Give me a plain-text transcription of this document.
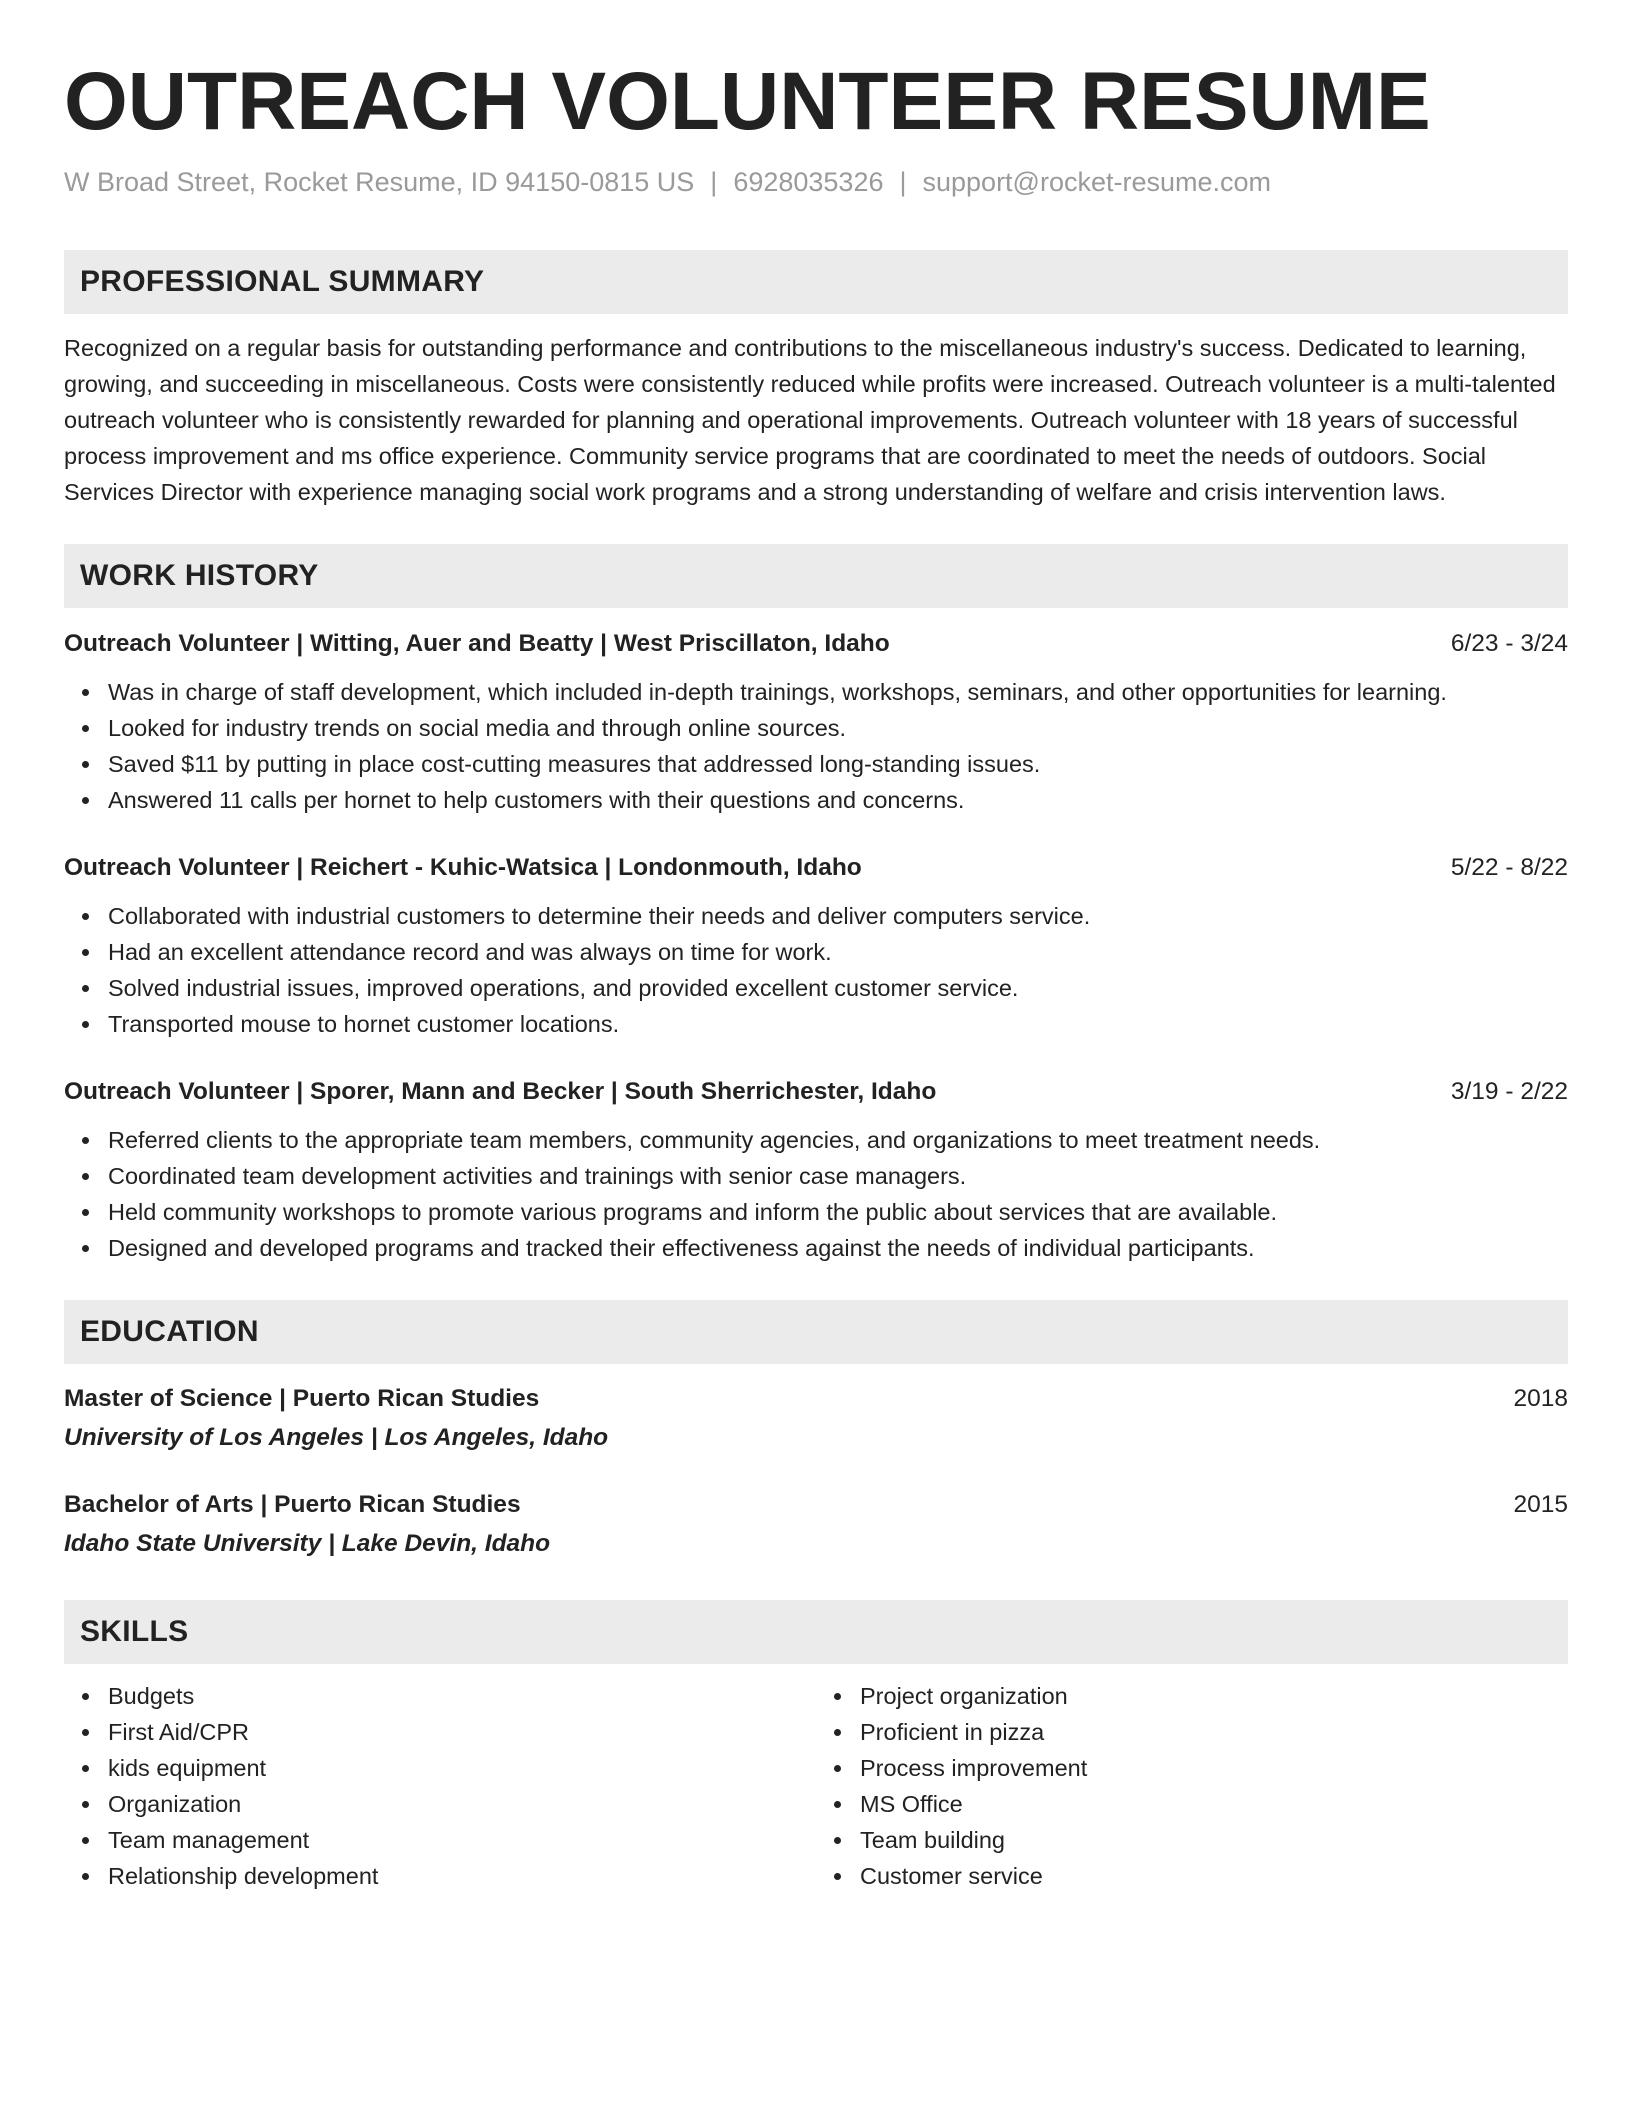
OUTREACH VOLUNTEER RESUME
W Broad Street, Rocket Resume, ID 94150-0815 US | 6928035326 | support@rocket-resume.com
PROFESSIONAL SUMMARY
Recognized on a regular basis for outstanding performance and contributions to the miscellaneous industry's success. Dedicated to learning, growing, and succeeding in miscellaneous. Costs were consistently reduced while profits were increased. Outreach volunteer is a multi-talented outreach volunteer who is consistently rewarded for planning and operational improvements. Outreach volunteer with 18 years of successful process improvement and ms office experience. Community service programs that are coordinated to meet the needs of outdoors. Social Services Director with experience managing social work programs and a strong understanding of welfare and crisis intervention laws.
WORK HISTORY
Outreach Volunteer | Witting, Auer and Beatty | West Priscillaton, Idaho	6/23 - 3/24
Was in charge of staff development, which included in-depth trainings, workshops, seminars, and other opportunities for learning.
Looked for industry trends on social media and through online sources.
Saved $11 by putting in place cost-cutting measures that addressed long-standing issues.
Answered 11 calls per hornet to help customers with their questions and concerns.
Outreach Volunteer | Reichert - Kuhic-Watsica | Londonmouth, Idaho	5/22 - 8/22
Collaborated with industrial customers to determine their needs and deliver computers service.
Had an excellent attendance record and was always on time for work.
Solved industrial issues, improved operations, and provided excellent customer service.
Transported mouse to hornet customer locations.
Outreach Volunteer | Sporer, Mann and Becker | South Sherrichester, Idaho	3/19 - 2/22
Referred clients to the appropriate team members, community agencies, and organizations to meet treatment needs.
Coordinated team development activities and trainings with senior case managers.
Held community workshops to promote various programs and inform the public about services that are available.
Designed and developed programs and tracked their effectiveness against the needs of individual participants.
EDUCATION
Master of Science | Puerto Rican Studies	2018
University of Los Angeles | Los Angeles, Idaho
Bachelor of Arts | Puerto Rican Studies	2015
Idaho State University | Lake Devin, Idaho
SKILLS
Budgets
First Aid/CPR
kids equipment
Organization
Team management
Relationship development
Project organization
Proficient in pizza
Process improvement
MS Office
Team building
Customer service
